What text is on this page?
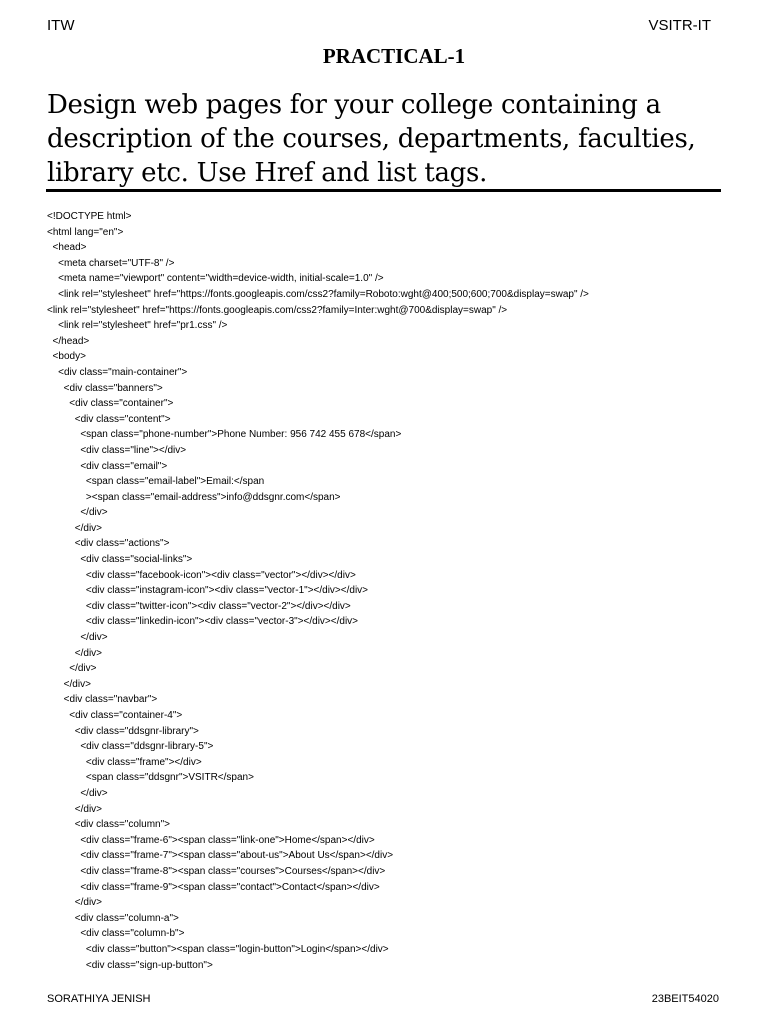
ITW	VSITR-IT
PRACTICAL-1
Design web pages for your college containing a description of the courses, departments, faculties, library etc. Use Href and list tags.
<!DOCTYPE html>
<html lang="en">
<head>
<meta charset="UTF-8" />
<meta name="viewport" content="width=device-width, initial-scale=1.0" />
<link rel="stylesheet" href="https://fonts.googleapis.com/css2?family=Roboto:wght@400;500;600;700&display=swap" />
<link rel="stylesheet" href="https://fonts.googleapis.com/css2?family=Inter:wght@700&display=swap" />
<link rel="stylesheet" href="pr1.css" />
</head>
<body>
<div class="main-container">
<div class="banners">
<div class="container">
<div class="content">
<span class="phone-number">Phone Number: 956 742 455 678</span>
<div class="line"></div>
<div class="email">
<span class="email-label">Email:</span
><span class="email-address">info@ddsgnr.com</span>
</div>
</div>
<div class="actions">
<div class="social-links">
<div class="facebook-icon"><div class="vector"></div></div>
<div class="instagram-icon"><div class="vector-1"></div></div>
<div class="twitter-icon"><div class="vector-2"></div></div>
<div class="linkedin-icon"><div class="vector-3"></div></div>
</div>
</div>
</div>
</div>
<div class="navbar">
<div class="container-4">
<div class="ddsgnr-library">
<div class="ddsgnr-library-5">
<div class="frame"></div>
<span class="ddsgnr">VSITR</span>
</div>
</div>
<div class="column">
<div class="frame-6"><span class="link-one">Home</span></div>
<div class="frame-7"><span class="about-us">About Us</span></div>
<div class="frame-8"><span class="courses">Courses</span></div>
<div class="frame-9"><span class="contact">Contact</span></div>
</div>
<div class="column-a">
<div class="column-b">
<div class="button"><span class="login-button">Login</span></div>
<div class="sign-up-button">
SORATHIYA JENISH	23BEIT54020
